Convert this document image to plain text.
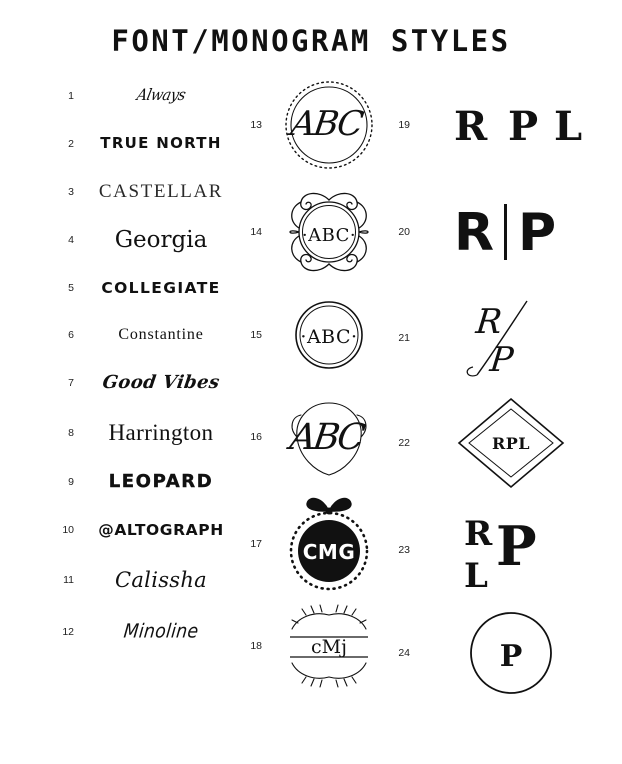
FONT/MONOGRAM STYLES
1	Always
2	TRUE NORTH
3	CASTELLAR
4	Georgia
5	COLLEGIATE
6	Constantine
7	Good Vibes
8	Harrington
9	LEOPARD
10	@ALTOGRAPH
11	Calissha
12	Minoline
13 ABC
14	·ABC·
15	·ABC·
16 ABC
17	CMG
18	cMj
19 R P L
20 R P
21 R
P
22	RPL
23 R P
L
24	P
